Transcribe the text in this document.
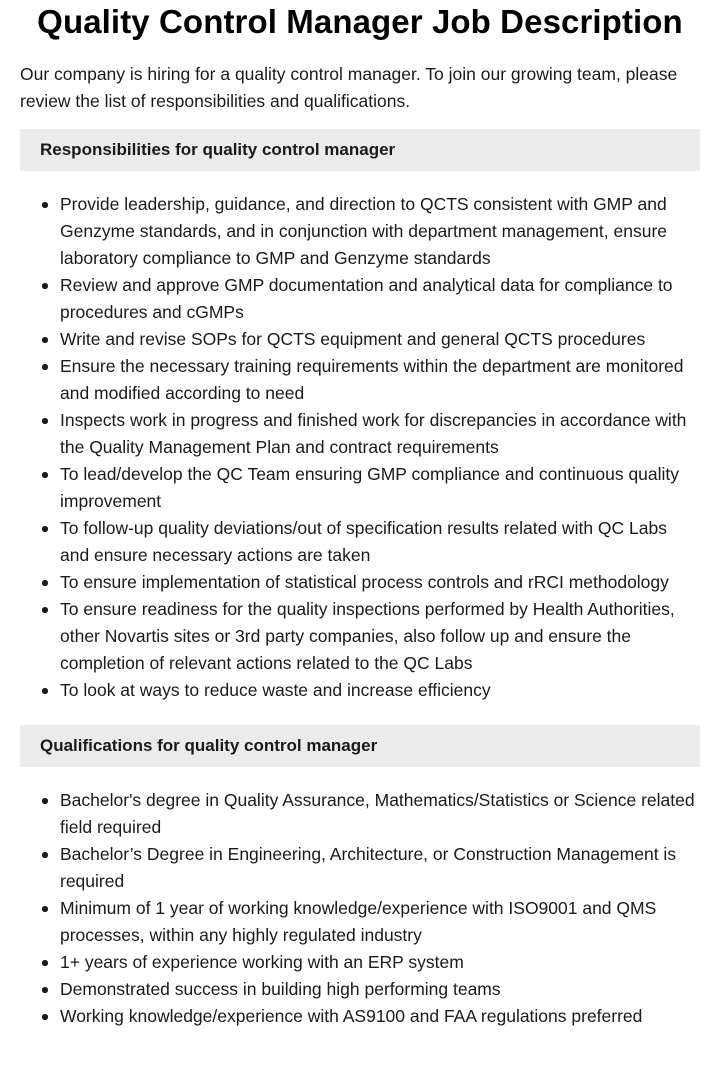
Quality Control Manager Job Description

Our company is hiring for a quality control manager. To join our growing team, please review the list of responsibilities and qualifications.

Responsibilities for quality control manager
Provide leadership, guidance, and direction to QCTS consistent with GMP and Genzyme standards, and in conjunction with department management, ensure laboratory compliance to GMP and Genzyme standards
Review and approve GMP documentation and analytical data for compliance to procedures and cGMPs
Write and revise SOPs for QCTS equipment and general QCTS procedures
Ensure the necessary training requirements within the department are monitored and modified according to need
Inspects work in progress and finished work for discrepancies in accordance with the Quality Management Plan and contract requirements
To lead/develop the QC Team ensuring GMP compliance and continuous quality improvement
To follow-up quality deviations/out of specification results related with QC Labs and ensure necessary actions are taken
To ensure implementation of statistical process controls and rRCI methodology
To ensure readiness for the quality inspections performed by Health Authorities, other Novartis sites or 3rd party companies, also follow up and ensure the completion of relevant actions related to the QC Labs
To look at ways to reduce waste and increase efficiency
Qualifications for quality control manager
Bachelor's degree in Quality Assurance, Mathematics/Statistics or Science related field required
Bachelor’s Degree in Engineering, Architecture, or Construction Management is required
Minimum of 1 year of working knowledge/experience with ISO9001 and QMS processes, within any highly regulated industry
1+ years of experience working with an ERP system
Demonstrated success in building high performing teams
Working knowledge/experience with AS9100 and FAA regulations preferred
